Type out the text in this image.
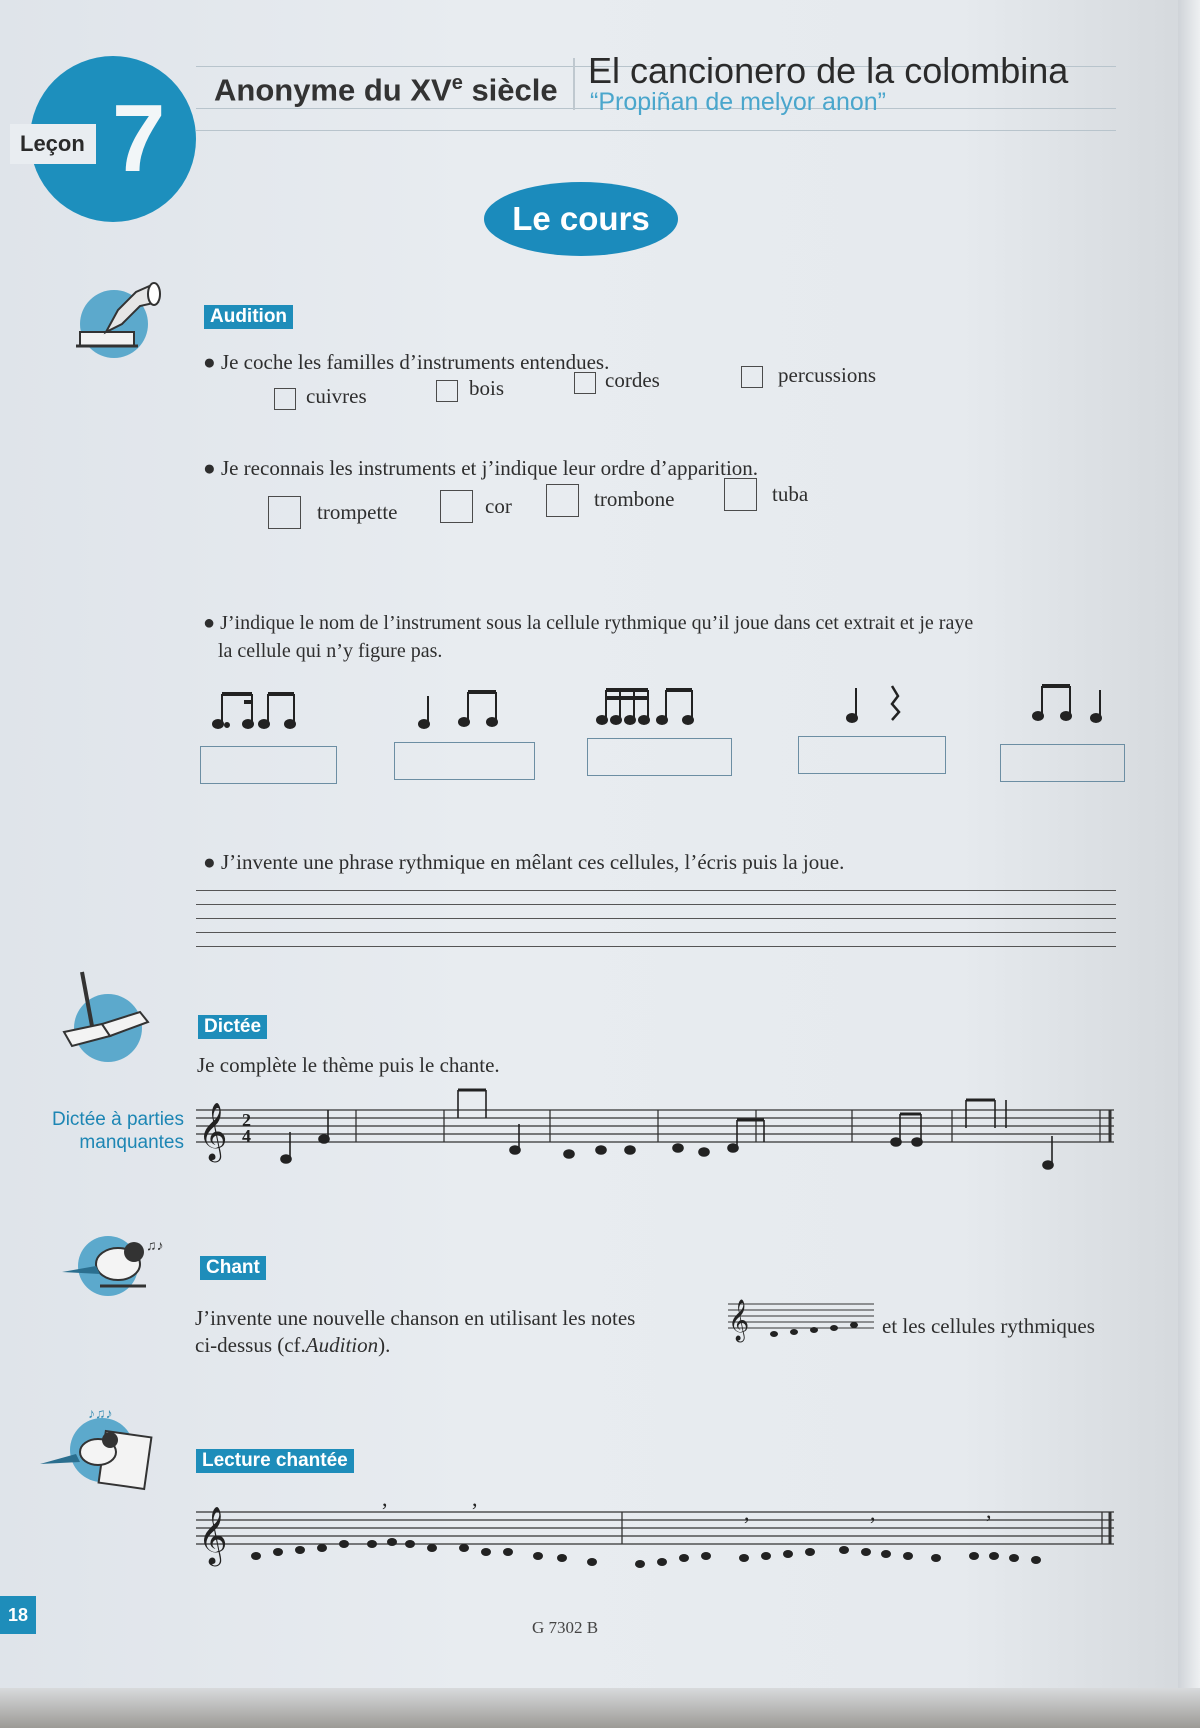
Leçon 7 Anonyme du XVe siècle El cancionero de la colombina
“Propiñan de melyor anon”
Le cours
Audition
● Je coche les familles d’instruments entendues.
cuivres	bois	cordes	percussions
● Je reconnais les instruments et j’indique leur ordre d’apparition.
trompette	cor	trombone	tuba
● J’indique le nom de l’instrument sous la cellule rythmique qu’il joue dans cet extrait et je raye
la cellule qui n’y figure pas.
● J’invente une phrase rythmique en mêlant ces cellules, l’écris puis la joue.
Dictée
Je complète le thème puis le chante.
Dictée à parties
manquantes 𝄞 2
4
♫♪
Chant
J’invente une nouvelle chanson en utilisant les notes	𝄞	et les cellules rythmiques
ci-dessus (cf.Audition).
♪♫♪
Lecture chantée
𝄞
,	,
,	,	,
18
G 7302 B
